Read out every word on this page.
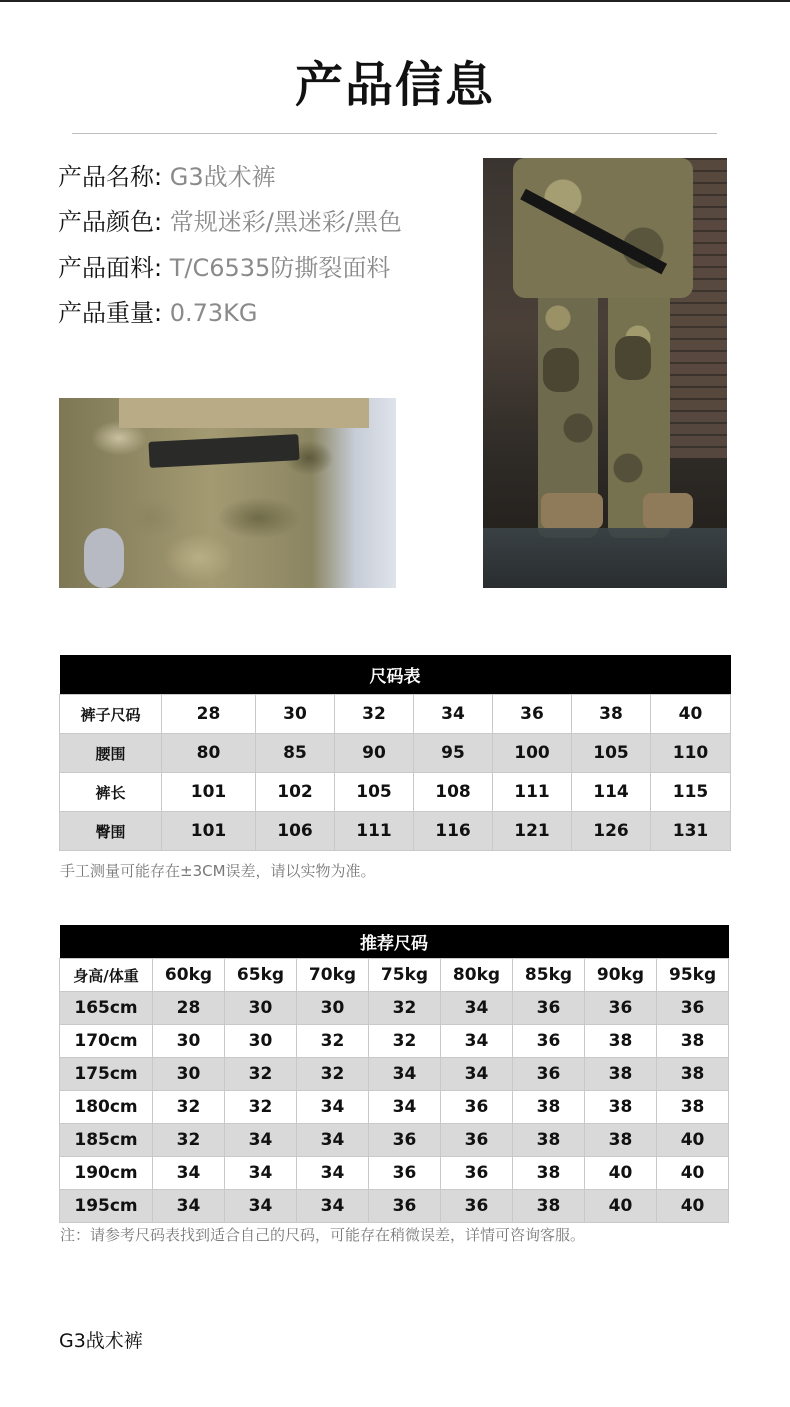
产品信息
产品名称: G3战术裤
产品颜色: 常规迷彩/黑迷彩/黑色
产品面料: T/C6535防撕裂面料
产品重量: 0.73KG
尺码表							
裤子尺码	28	30	32	34	36	38	40
腰围	80	85	90	95	100	105	110
裤长	101	102	105	108	111	114	115
臀围	101	106	111	116	121	126	131
手工测量可能存在±3CM误差，请以实物为准。
推荐尺码								
身高/体重	60kg	65kg	70kg	75kg	80kg	85kg	90kg	95kg
165cm	28	30	30	32	34	36	36	36
170cm	30	30	32	32	34	36	38	38
175cm	30	32	32	34	34	36	38	38
180cm	32	32	34	34	36	38	38	38
185cm	32	34	34	36	36	38	38	40
190cm	34	34	34	36	36	38	40	40
195cm	34	34	34	36	36	38	40	40
注：请参考尺码表找到适合自己的尺码，可能存在稍微误差，详情可咨询客服。
G3战术裤
